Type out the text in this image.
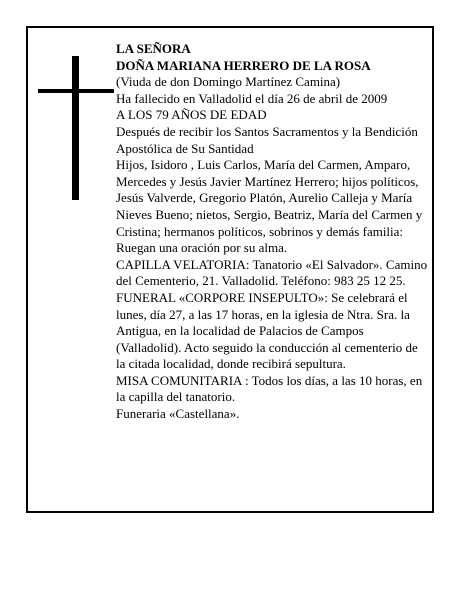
LA SEÑORA

DOÑA MARIANA HERRERO DE LA ROSA

(Viuda de don Domingo Martínez Camina)

Ha fallecido en Valladolid el día 26 de abril de 2009

A LOS 79 AÑOS DE EDAD

Después de recibir los Santos Sacramentos y la Bendición Apostólica de Su Santidad

Hijos, Isidoro , Luis Carlos, María del Carmen, Amparo, Mercedes y Jesús Javier Martínez Herrero; hijos políticos, Jesús Valverde, Gregorio Platón, Aurelio Calleja y María Nieves Bueno; nietos, Sergio, Beatriz, María del Carmen y Cristina; hermanos políticos, sobrinos y demás familia:

Ruegan una oración por su alma.

CAPILLA VELATORIA: Tanatorio «El Salvador». Camino del Cementerio, 21. Valladolid. Teléfono: 983 25 12 25.

FUNERAL «CORPORE INSEPULTO»: Se celebrará el lunes, día 27, a las 17 horas, en la iglesia de Ntra. Sra. la Antigua, en la localidad de Palacios de Campos (Valladolid). Acto seguido la conducción al cementerio de la citada localidad, donde recibirá sepultura.

MISA COMUNITARIA : Todos los días, a las 10 horas, en la capilla del tanatorio.

Funeraria «Castellana».
